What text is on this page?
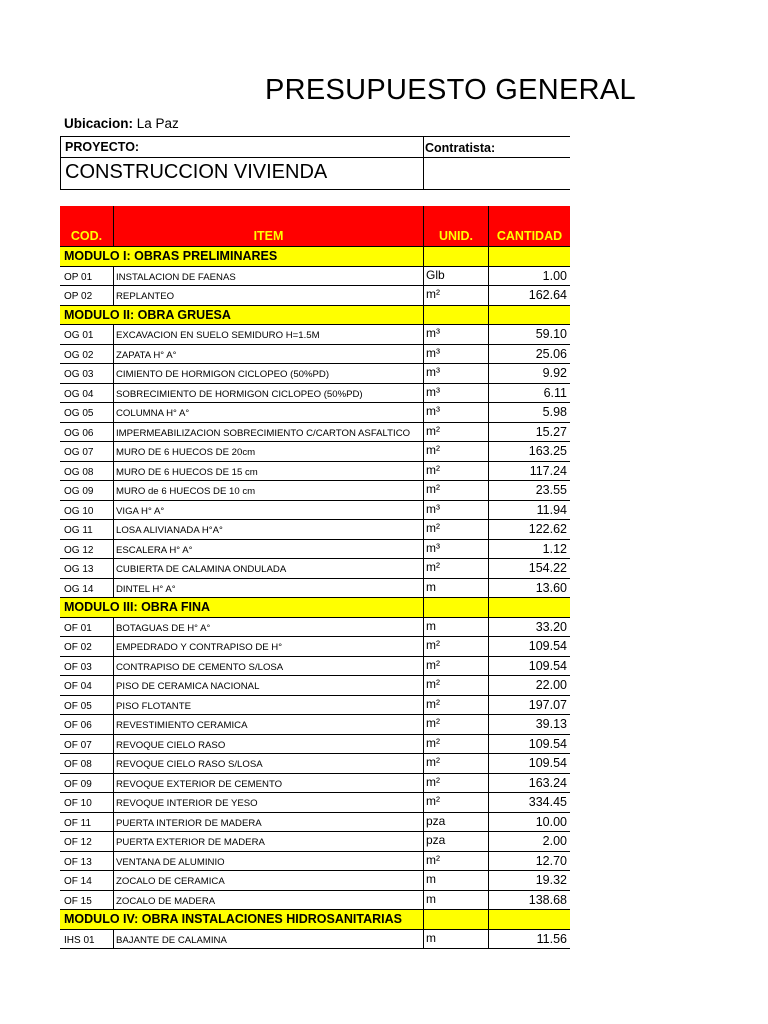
PRESUPUESTO GENERAL
Ubicacion: La Paz
PROYECTO:	Contratista:
CONSTRUCCION VIVIENDA
COD.	ITEM	UNID.	CANTIDAD
MODULO I: OBRAS PRELIMINARES
OP 01	INSTALACION DE FAENAS	Glb	1.00
OP 02	REPLANTEO	m²	162.64
MODULO II: OBRA GRUESA
OG 01	EXCAVACION EN SUELO SEMIDURO H=1.5M	m³	59.10
OG 02	ZAPATA H° A°	m³	25.06
OG 03	CIMIENTO DE HORMIGON CICLOPEO (50%PD)	m³	9.92
OG 04	SOBRECIMIENTO DE HORMIGON CICLOPEO (50%PD)	m³	6.11
OG 05	COLUMNA H° A°	m³	5.98
OG 06	IMPERMEABILIZACION SOBRECIMIENTO C/CARTON ASFALTICO	m²	15.27
OG 07	MURO DE 6 HUECOS DE 20cm	m²	163.25
OG 08	MURO DE 6 HUECOS DE 15 cm	m²	117.24
OG 09	MURO de 6 HUECOS DE 10 cm	m²	23.55
OG 10	VIGA H° A°	m³	11.94
OG 11	LOSA ALIVIANADA H°A°	m²	122.62
OG 12	ESCALERA H° A°	m³	1.12
OG 13	CUBIERTA DE CALAMINA ONDULADA	m²	154.22
OG 14	DINTEL H° A°	m	13.60
MODULO III: OBRA FINA
OF 01	BOTAGUAS DE H° A°	m	33.20
OF 02	EMPEDRADO Y CONTRAPISO DE H°	m²	109.54
OF 03	CONTRAPISO DE CEMENTO S/LOSA	m²	109.54
OF 04	PISO DE CERAMICA NACIONAL	m²	22.00
OF 05	PISO FLOTANTE	m²	197.07
OF 06	REVESTIMIENTO CERAMICA	m²	39.13
OF 07	REVOQUE CIELO RASO	m²	109.54
OF 08	REVOQUE CIELO RASO S/LOSA	m²	109.54
OF 09	REVOQUE EXTERIOR DE CEMENTO	m²	163.24
OF 10	REVOQUE INTERIOR DE YESO	m²	334.45
OF 11	PUERTA INTERIOR DE MADERA	pza	10.00
OF 12	PUERTA EXTERIOR DE MADERA	pza	2.00
OF 13	VENTANA DE ALUMINIO	m²	12.70
OF 14	ZOCALO DE CERAMICA	m	19.32
OF 15	ZOCALO DE MADERA	m	138.68
MODULO IV: OBRA INSTALACIONES HIDROSANITARIAS
IHS 01	BAJANTE DE CALAMINA	m	11.56
